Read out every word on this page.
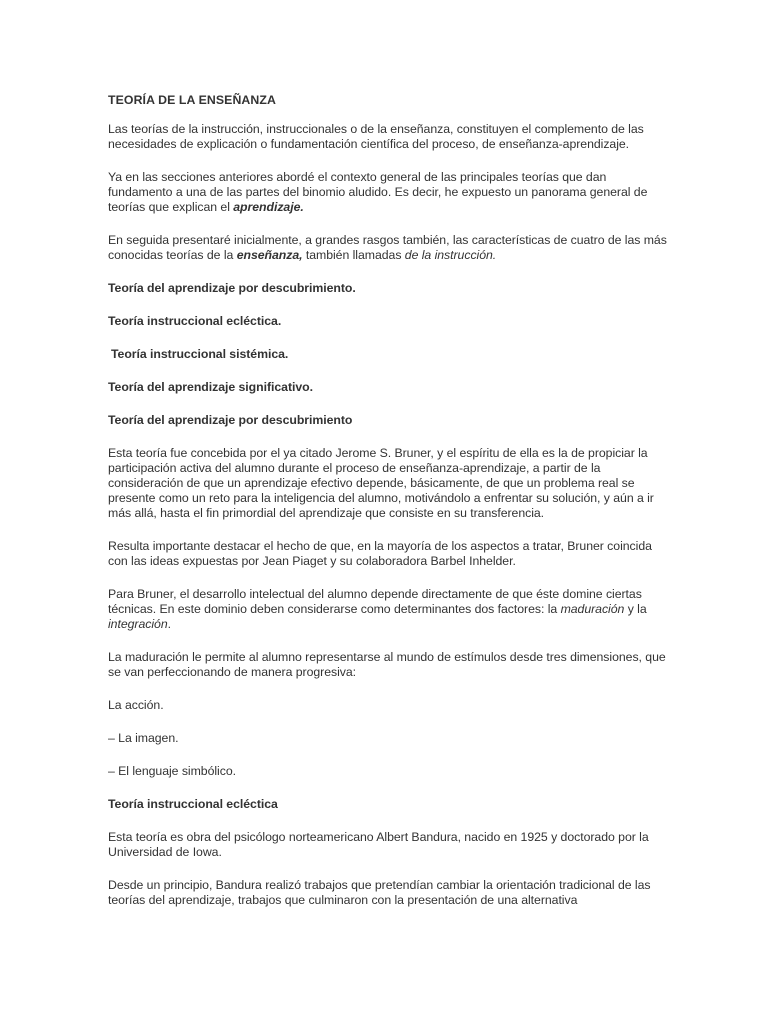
TEORÍA DE LA ENSEÑANZA

Las teorías de la instrucción, instruccionales o de la enseñanza, constituyen el complemento de las necesidades de explicación o fundamentación científica del proceso, de enseñanza-aprendizaje.

Ya en las secciones anteriores abordé el contexto general de las principales teorías que dan fundamento a una de las partes del binomio aludido. Es decir, he expuesto un panorama general de teorías que explican el aprendizaje.

En seguida presentaré inicialmente, a grandes rasgos también, las características de cuatro de las más conocidas teorías de la enseñanza, también llamadas de la instrucción.

Teoría del aprendizaje por descubrimiento.

Teoría instruccional ecléctica.

Teoría instruccional sistémica.

Teoría del aprendizaje significativo.

Teoría del aprendizaje por descubrimiento

Esta teoría fue concebida por el ya citado Jerome S. Bruner, y el espíritu de ella es la de propiciar la participación activa del alumno durante el proceso de enseñanza-aprendizaje, a partir de la consideración de que un aprendizaje efectivo depende, básicamente, de que un problema real se presente como un reto para la inteligencia del alumno, motivándolo a enfrentar su solución, y aún a ir más allá, hasta el fin primordial del aprendizaje que consiste en su transferencia.

Resulta importante destacar el hecho de que, en la mayoría de los aspectos a tratar, Bruner coincida con las ideas expuestas por Jean Piaget y su colaboradora Barbel Inhelder.

Para Bruner, el desarrollo intelectual del alumno depende directamente de que éste domine ciertas técnicas. En este dominio deben considerarse como determinantes dos factores: la maduración y la integración.

La maduración le permite al alumno representarse al mundo de estímulos desde tres dimensiones, que se van perfeccionando de manera progresiva:

La acción.

– La imagen.

– El lenguaje simbólico.

Teoría instruccional ecléctica

Esta teoría es obra del psicólogo norteamericano Albert Bandura, nacido en 1925 y doctorado por la Universidad de Iowa.

Desde un principio, Bandura realizó trabajos que pretendían cambiar la orientación tradicional de las teorías del aprendizaje, trabajos que culminaron con la presentación de una alternativa
